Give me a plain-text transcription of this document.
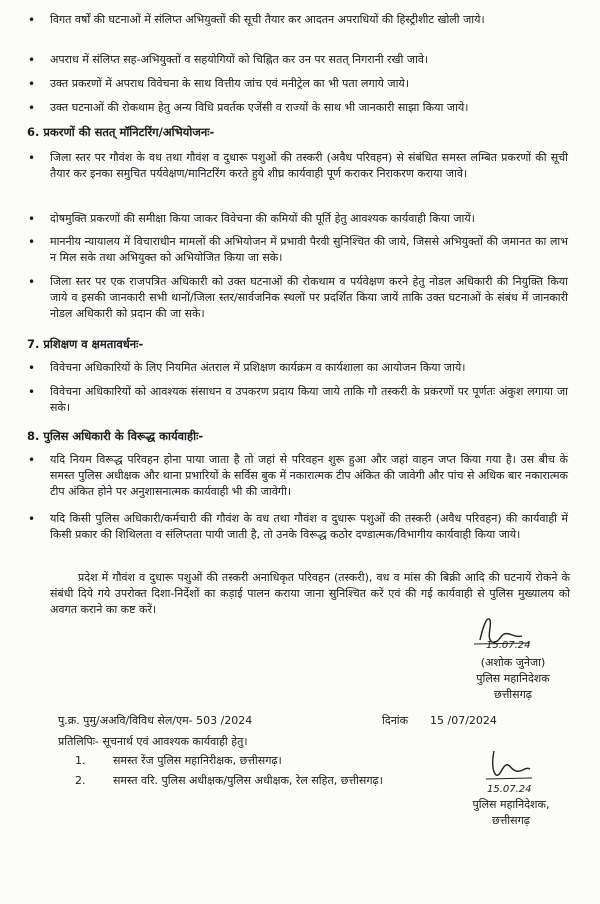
•	विगत वर्षों की घटनाओं में संलिप्त अभियुक्तों की सूची तैयार कर आदतन अपराधियों की हिस्ट्रीशीट खोली जाये।
•	अपराध में संलिप्त सह-अभियुक्तों व सहयोगियों को चिह्नित कर उन पर सतत् निगरानी रखी जावे।
•	उक्त प्रकरणों में अपराध विवेचना के साथ वित्तीय जांच एवं मनीट्रेल का भी पता लगाये जाये।
•	उक्त घटनाओं की रोकथाम हेतु अन्य विधि प्रवर्तक एजेंसी व राज्यों के साथ भी जानकारी साझा किया जाये।
6. प्रकरणों की सतत् मॉनिटरिंग/अभियोजनः-
•	जिला स्तर पर गौवंश के वध तथा गौवंश व दुधारू पशुओं की तस्करी (अवैध परिवहन) से संबंधित समस्त लम्बित प्रकरणों की सूची तैयार कर इनका समुचित पर्यवेक्षण/मानिटरिंग करते हुये शीघ्र कार्यवाही पूर्ण कराकर निराकरण कराया जावे।
•	दोषमुक्ति प्रकरणों की समीक्षा किया जाकर विवेचना की कमियों की पूर्ति हेतु आवश्यक कार्यवाही किया जायें।
•	माननीय न्यायालय में विचाराधीन मामलों की अभियोजन में प्रभावी पैरवी सुनिश्चित की जाये, जिससे अभियुक्तों की जमानत का लाभ न मिल सके तथा अभियुक्त को अभियोजित किया जा सके।
•	जिला स्तर पर एक राजपत्रित अधिकारी को उक्त घटनाओं की रोकथाम व पर्यवेक्षण करने हेतु नोडल अधिकारी की नियुक्ति किया जाये व इसकी जानकारी सभी थानों/जिला स्तर/सार्वजनिक स्थलों पर प्रदर्शित किया जायें ताकि उक्त घटनाओं के संबंध में जानकारी नोडल अधिकारी को प्रदान की जा सके।
7. प्रशिक्षण व क्षमतावर्धनः-
•	विवेचना अधिकारियों के लिए नियमित अंतराल में प्रशिक्षण कार्यक्रम व कार्यशाला का आयोजन किया जाये।
•	विवेचना अधिकारियों को आवश्यक संसाधन व उपकरण प्रदाय किया जाये ताकि गौ तस्करी के प्रकरणों पर पूर्णतः अंकुश लगाया जा सके।
8. पुलिस अधिकारी के विरूद्ध कार्यवाहीः-
•	यदि नियम विरूद्ध परिवहन होना पाया जाता है तो जहां से परिवहन शुरू हुआ और जहां वाहन जप्त किया गया है। उस बीच के समस्त पुलिस अधीक्षक और थाना प्रभारियों के सर्विस बुक में नकारात्मक टीप अंकित की जावेगी और पांच से अधिक बार नकारात्मक टीप अंकित होने पर अनुशासनात्मक कार्यवाही भी की जावेगी।
•	यदि किसी पुलिस अधिकारी/कर्मचारी की गौवंश के वध तथा गौवंश व दुधारू पशुओं की तस्करी (अवैध परिवहन) की कार्यवाही में किसी प्रकार की शिथिलता व संलिप्तता पायी जाती है, तो उनके विरूद्ध कठोर दण्डात्मक/विभागीय कार्यवाही किया जाये।
प्रदेश में गौवंश व दुधारू पशुओं की तस्करी अनाधिकृत परिवहन (तस्करी), वध व मांस की बिक्री आदि की घटनायें रोकने के संबंधी दिये गये उपरोक्त दिशा-निर्देशों का कड़ाई पालन कराया जाना सुनिश्चित करें एवं की गई कार्यवाही से पुलिस मुख्यालय को अवगत कराने का कष्ट करें।
15.07.24
(अशोक जुनेजा)
पुलिस महानिदेशक
छत्तीसगढ़
पु.क्र. पुमु/अअवि/विविध सेल/एम- 503 /2024	दिनांक 15 /07/2024
प्रतिलिपिः- सूचनार्थ एवं आवश्यक कार्यवाही हेतु।
1.	समस्त रेंज पुलिस महानिरीक्षक, छत्तीसगढ़।
2.	समस्त वरि. पुलिस अधीक्षक/पुलिस अधीक्षक, रेल सहित, छत्तीसगढ़।
15.07.24
पुलिस महानिदेशक,
छत्तीसगढ़
